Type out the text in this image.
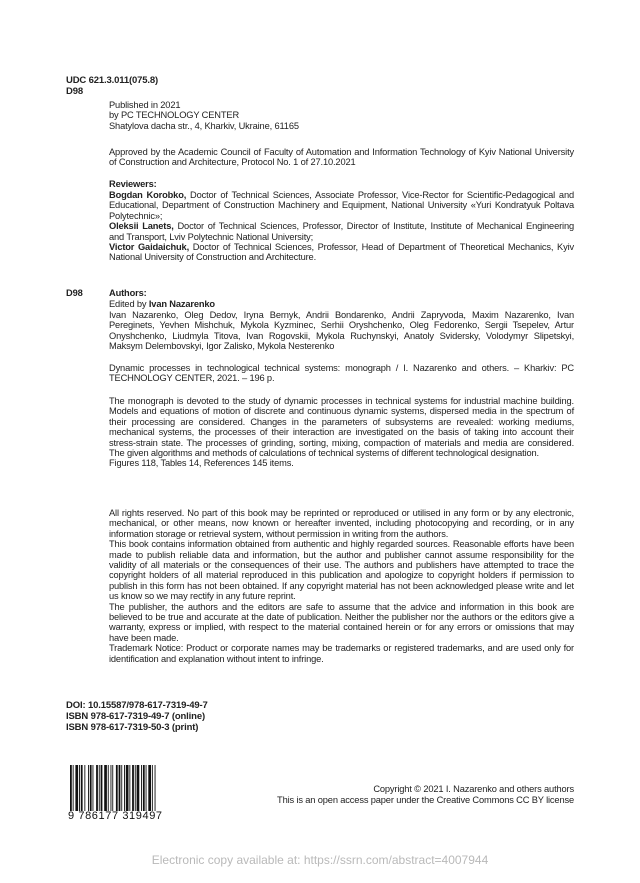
UDC 621.3.011(075.8)
D98
Published in 2021
by PC TECHNOLOGY CENTER
Shatylova dacha str., 4, Kharkiv, Ukraine, 61165

Approved by the Academic Council of Faculty of Automation and Information Technology of Kyiv National University of Construction and Architecture, Protocol No. 1 of 27.10.2021

Reviewers:

Bogdan Korobko, Doctor of Technical Sciences, Associate Professor, Vice-Rector for Scientific-Pedagogical and Educational, Department of Construction Machinery and Equipment, National University «Yuri Kondratyuk Poltava Polytechnic»;

Oleksii Lanets, Doctor of Technical Sciences, Professor, Director of Institute, Institute of Mechanical Engineering and Transport, Lviv Polytechnic National University;

Victor Gaidaichuk, Doctor of Technical Sciences, Professor, Head of Department of Theoretical Mechanics, Kyiv National University of Construction and Architecture.

D98	Authors:
Edited by Ivan Nazarenko

Ivan Nazarenko, Oleg Dedov, Iryna Bernyk, Andrii Bondarenko, Andrii Zapryvoda, Maxim Nazarenko, Ivan Pereginets, Yevhen Mishchuk, Mykola Kyzminec, Serhii Oryshchenko, Oleg Fedorenko, Sergii Tsepelev, Artur Onyshchenko, Liudmyla Titova, Ivan Rogovskii, Mykola Ruchynskyi, Anatoly Svidersky, Volodymyr Slipetskyi, Maksym Delembovskyi, Igor Zalisko, Mykola Nesterenko

Dynamic processes in technological technical systems: monograph / I. Nazarenko and others. – Kharkiv: PC TECHNOLOGY CENTER, 2021. – 196 p.

The monograph is devoted to the study of dynamic processes in technical systems for industrial machine building. Models and equations of motion of discrete and continuous dynamic systems, dispersed media in the spectrum of their processing are considered. Changes in the parameters of subsystems are revealed: working mediums, mechanical systems, the processes of their interaction are investigated on the basis of taking into account their stress-strain state. The processes of grinding, sorting, mixing, compaction of materials and media are considered. The given algorithms and methods of calculations of technical systems of different technological designation.

Figures 118, Tables 14, References 145 items.

All rights reserved. No part of this book may be reprinted or reproduced or utilised in any form or by any electronic, mechanical, or other means, now known or hereafter invented, including photocopying and recording, or in any information storage or retrieval system, without permission in writing from the authors.

This book contains information obtained from authentic and highly regarded sources. Reasonable efforts have been made to publish reliable data and information, but the author and publisher cannot assume responsibility for the validity of all materials or the consequences of their use. The authors and publishers have attempted to trace the copyright holders of all material reproduced in this publication and apologize to copyright holders if permission to publish in this form has not been obtained. If any copyright material has not been acknowledged please write and let us know so we may rectify in any future reprint.

The publisher, the authors and the editors are safe to assume that the advice and information in this book are believed to be true and accurate at the date of publication. Neither the publisher nor the authors or the editors give a warranty, express or implied, with respect to the material contained herein or for any errors or omissions that may have been made.

Trademark Notice: Product or corporate names may be trademarks or registered trademarks, and are used only for identification and explanation without intent to infringe.

DOI: 10.15587/978-617-7319-49-7
ISBN 978-617-7319-49-7 (online)
ISBN 978-617-7319-50-3 (print)
9 786177 319497
Copyright © 2021 I. Nazarenko and others authors
This is an open access paper under the Creative Commons CC BY license
Electronic copy available at: https://ssrn.com/abstract=4007944
